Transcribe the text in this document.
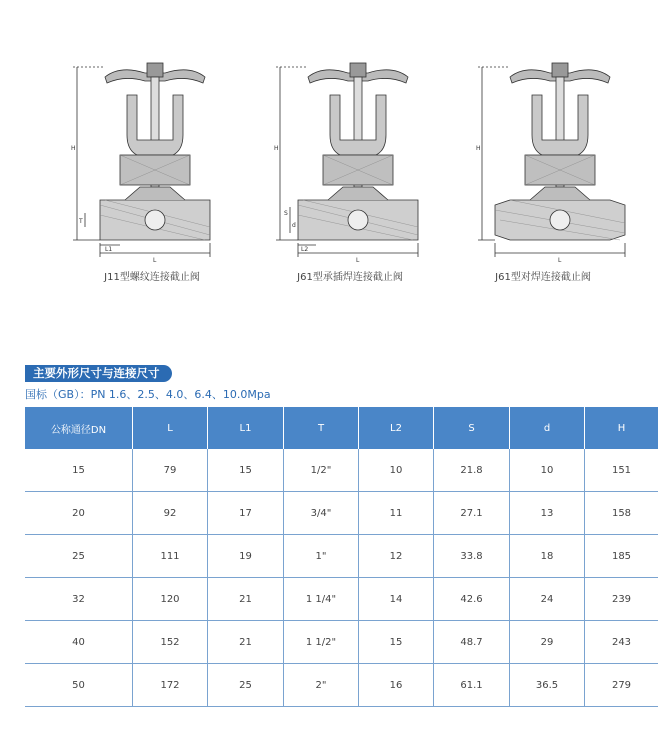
H
T
L1
L
J11型螺纹连接截止阀
H
S
d
L2
L
J61型承插焊连接截止阀
H
L
J61型对焊连接截止阀
主要外形尺寸与连接尺寸
国标（GB）：PN 1.6、2.5、4.0、6.4、10.0Mpa
公称通径DN	L	L1	T	L2	S	d	H
15	79	15	1/2"	10	21.8	10	151
20	92	17	3/4"	11	27.1	13	158
25	111	19	1"	12	33.8	18	185
32	120	21	1 1/4"	14	42.6	24	239
40	152	21	1 1/2"	15	48.7	29	243
50	172	25	2"	16	61.1	36.5	279
